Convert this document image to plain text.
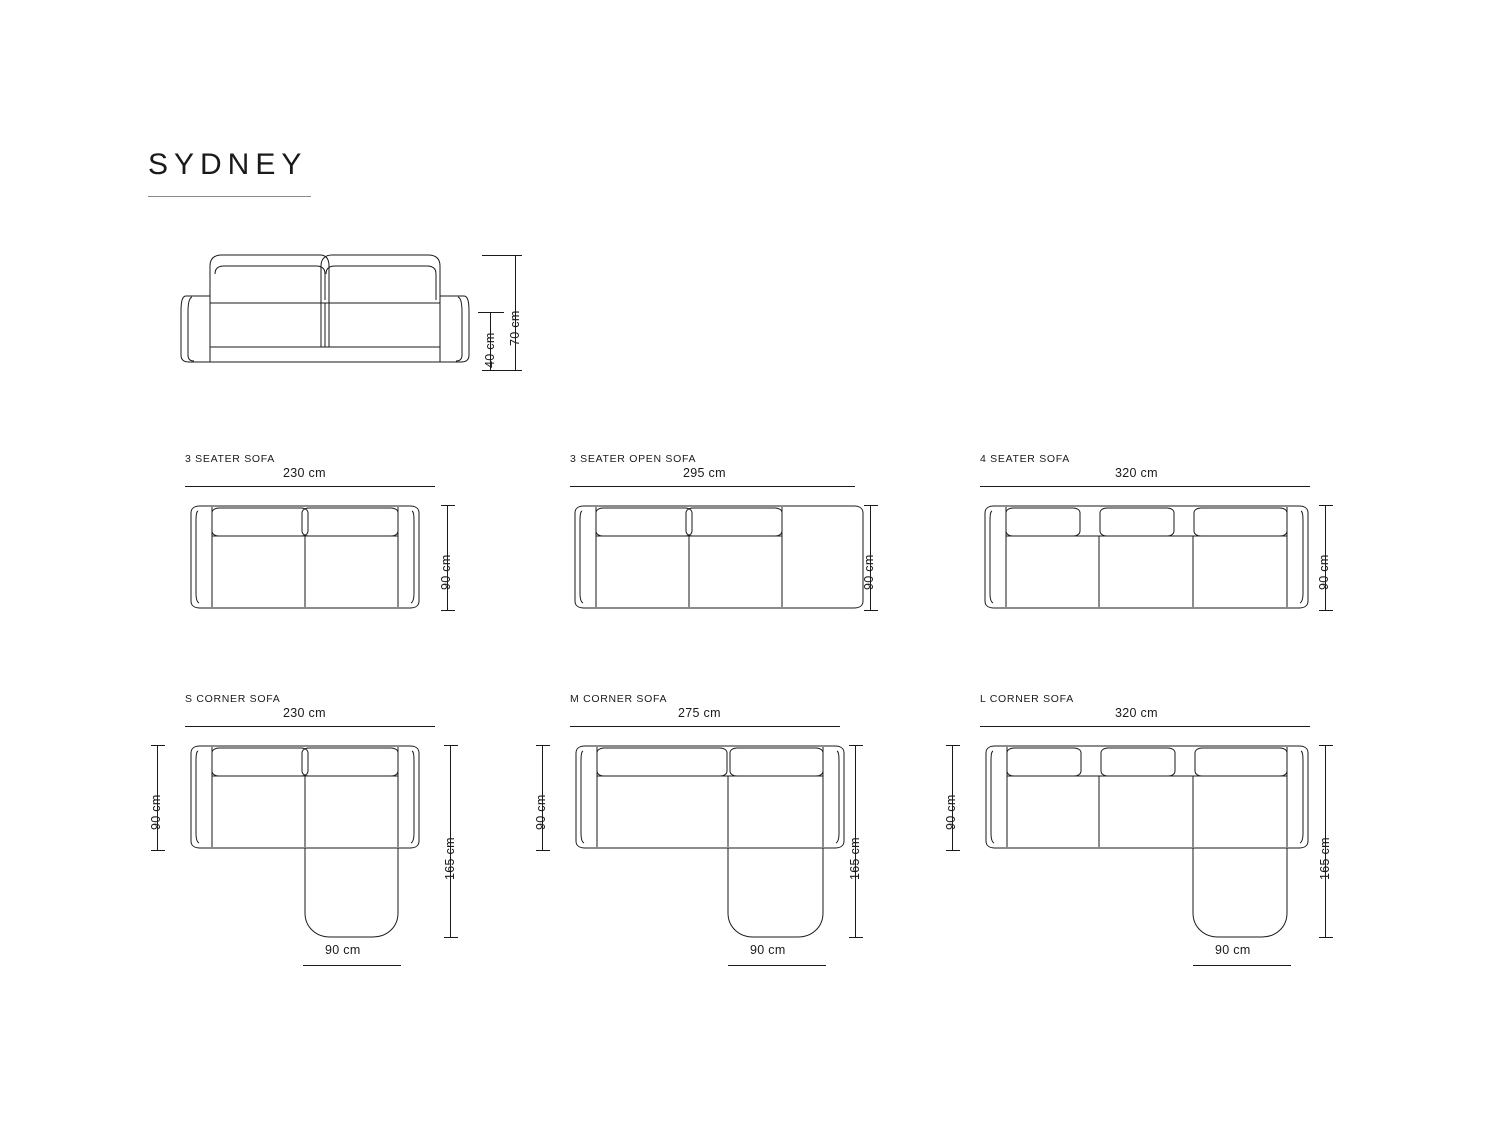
SYDNEY
70 cm
40 cm
3 SEATER SOFA
230 cm
90 cm
3 SEATER OPEN SOFA
295 cm
90 cm
4 SEATER SOFA
320 cm
90 cm
S CORNER SOFA
230 cm
90 cm
165 cm
90 cm
M CORNER SOFA
275 cm
90 cm
165 cm
90 cm
L CORNER SOFA
320 cm
90 cm
165 cm
90 cm
